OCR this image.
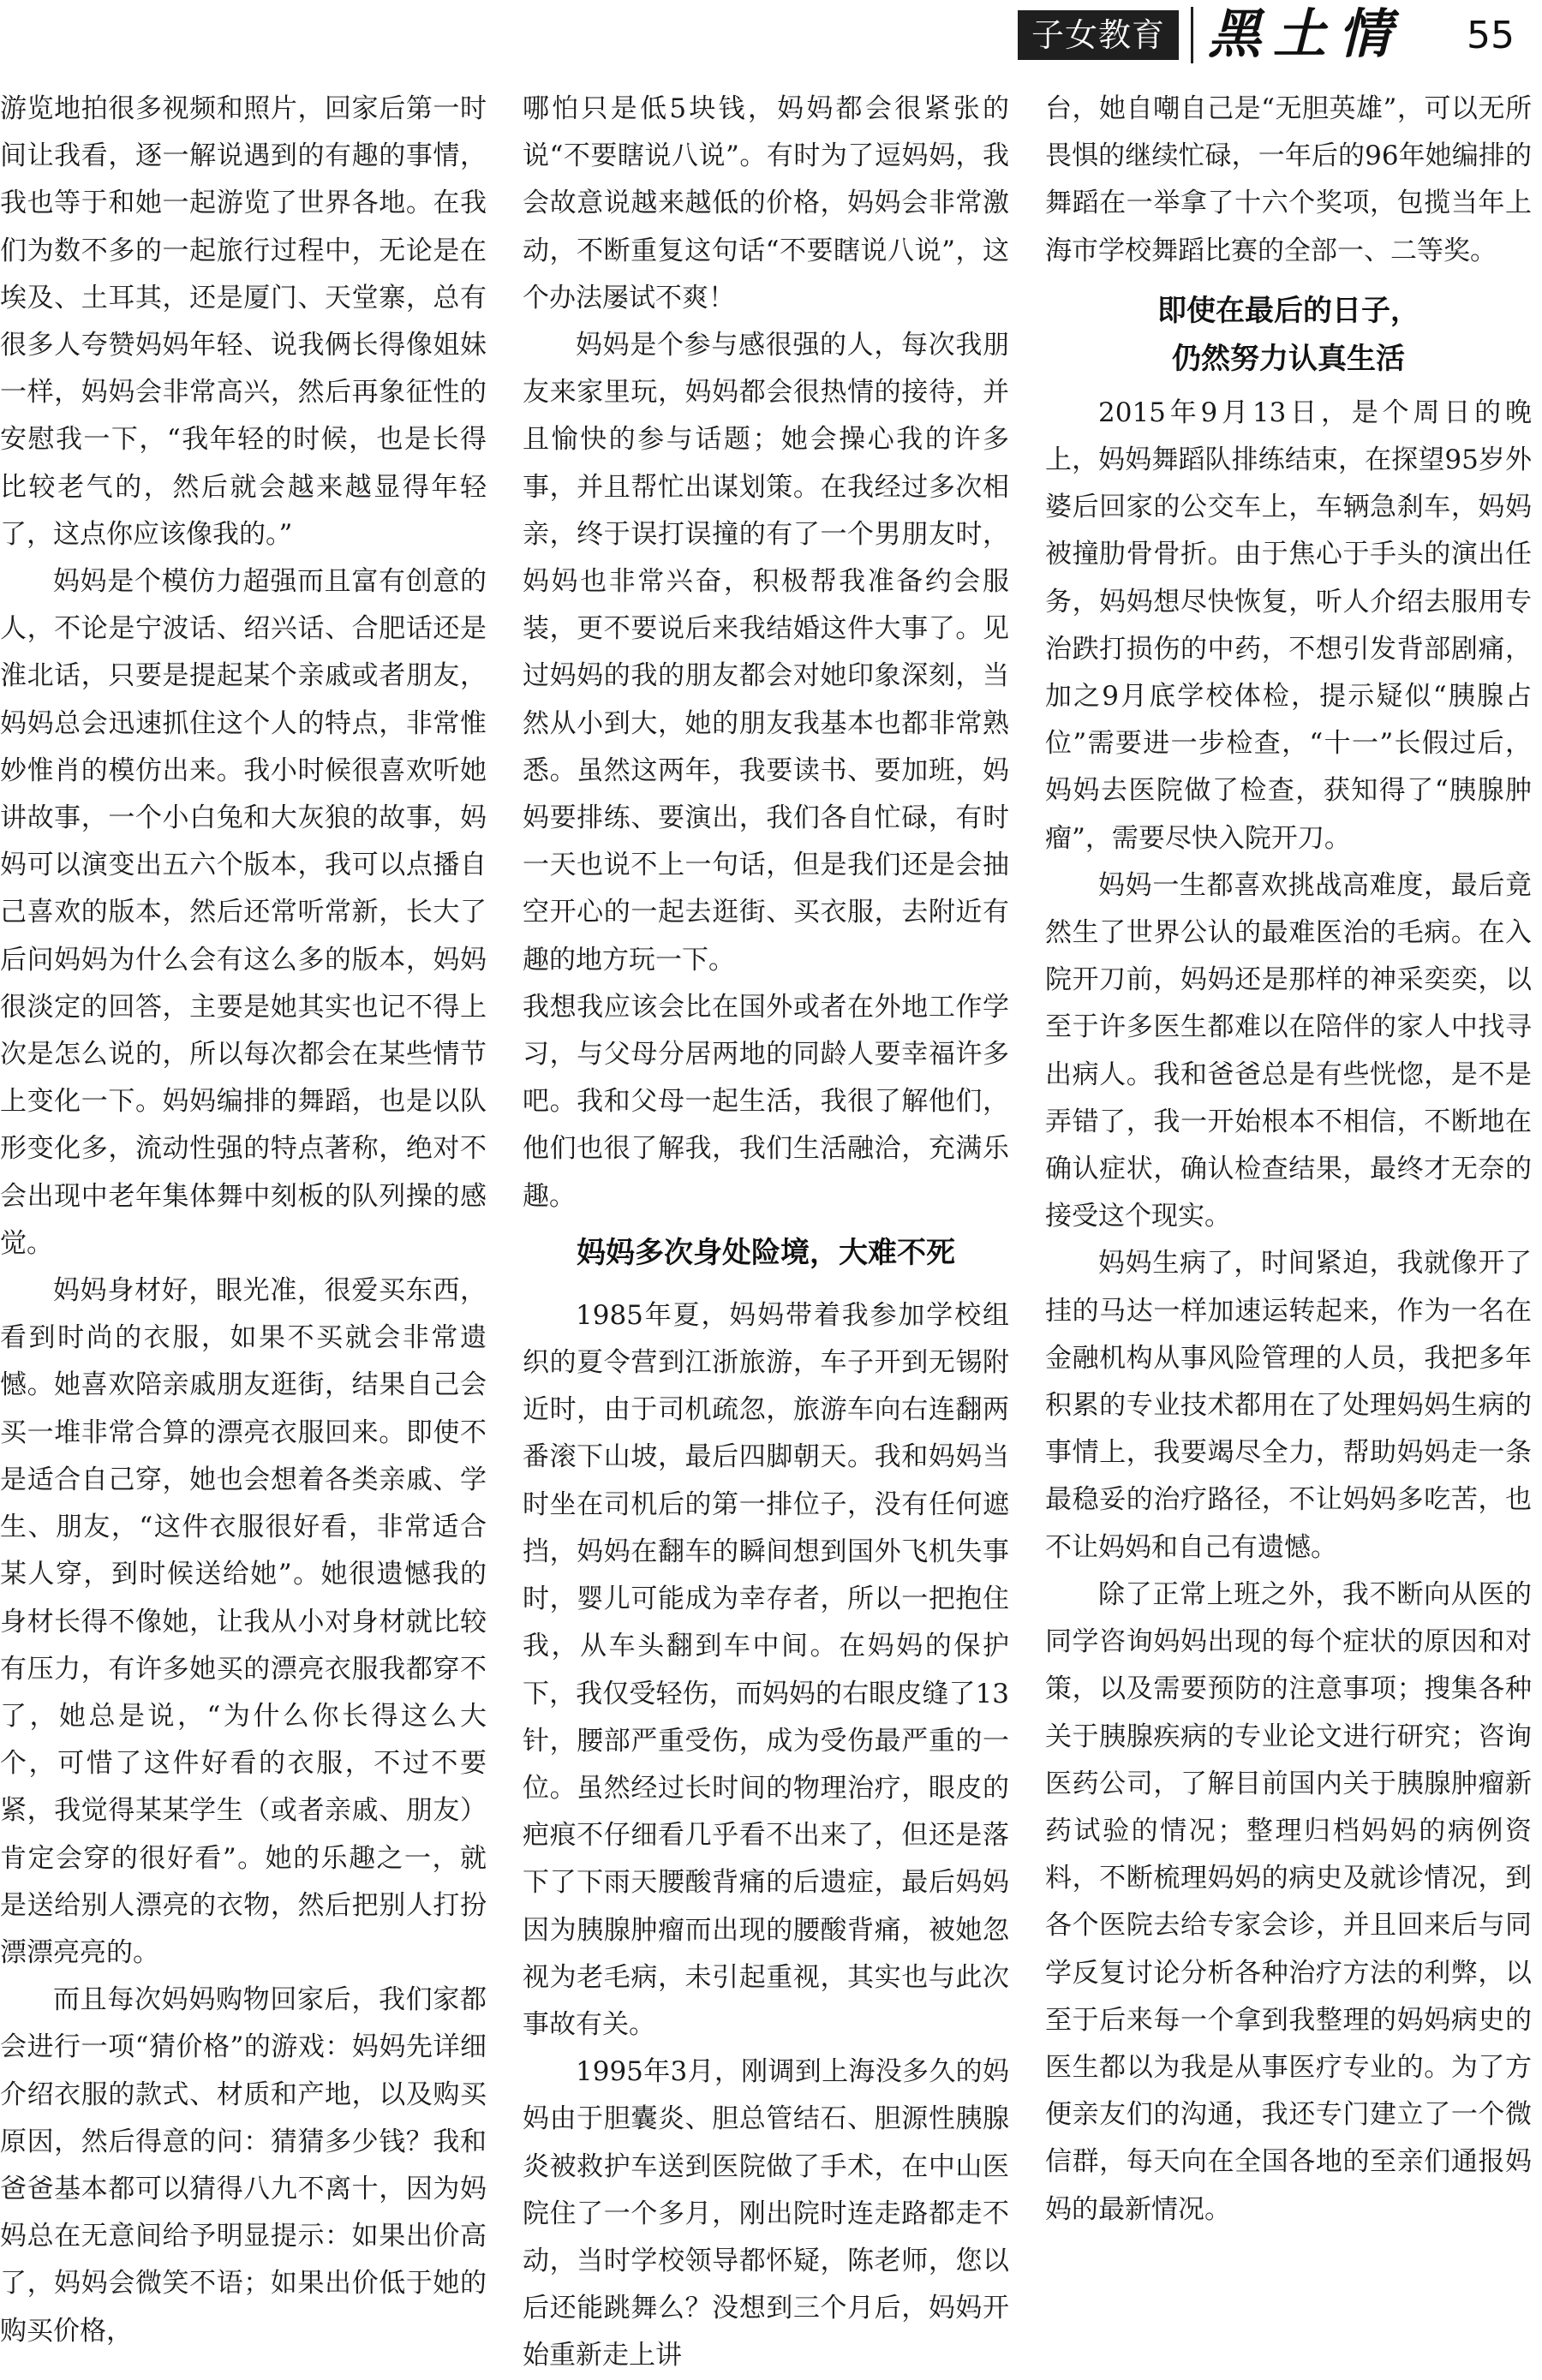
子女教育 黑土情	55

游览地拍很多视频和照片，回家后第一时间让我看，逐一解说遇到的有趣的事情，我也等于和她一起游览了世界各地。在我们为数不多的一起旅行过程中，无论是在埃及、土耳其，还是厦门、天堂寨，总有很多人夸赞妈妈年轻、说我俩长得像姐妹一样，妈妈会非常高兴，然后再象征性的安慰我一下，“我年轻的时候，也是长得比较老气的，然后就会越来越显得年轻了，这点你应该像我的。”

妈妈是个模仿力超强而且富有创意的人，不论是宁波话、绍兴话、合肥话还是淮北话，只要是提起某个亲戚或者朋友，妈妈总会迅速抓住这个人的特点，非常惟妙惟肖的模仿出来。我小时候很喜欢听她讲故事，一个小白兔和大灰狼的故事，妈妈可以演变出五六个版本，我可以点播自己喜欢的版本，然后还常听常新，长大了后问妈妈为什么会有这么多的版本，妈妈很淡定的回答，主要是她其实也记不得上次是怎么说的，所以每次都会在某些情节上变化一下。妈妈编排的舞蹈，也是以队形变化多，流动性强的特点著称，绝对不会出现中老年集体舞中刻板的队列操的感觉。

妈妈身材好，眼光准，很爱买东西，看到时尚的衣服，如果不买就会非常遗憾。她喜欢陪亲戚朋友逛街，结果自己会买一堆非常合算的漂亮衣服回来。即使不是适合自己穿，她也会想着各类亲戚、学生、朋友，“这件衣服很好看，非常适合某人穿，到时候送给她”。她很遗憾我的身材长得不像她，让我从小对身材就比较有压力，有许多她买的漂亮衣服我都穿不了，她总是说，“为什么你长得这么大个，可惜了这件好看的衣服，不过不要紧，我觉得某某学生（或者亲戚、朋友）肯定会穿的很好看”。她的乐趣之一，就是送给别人漂亮的衣物，然后把别人打扮漂漂亮亮的。

而且每次妈妈购物回家后，我们家都会进行一项“猜价格”的游戏：妈妈先详细介绍衣服的款式、材质和产地，以及购买原因，然后得意的问：猜猜多少钱？我和爸爸基本都可以猜得八九不离十，因为妈妈总在无意间给予明显提示：如果出价高了，妈妈会微笑不语；如果出价低于她的购买价格，

哪怕只是低5块钱，妈妈都会很紧张的说“不要瞎说八说”。有时为了逗妈妈，我会故意说越来越低的价格，妈妈会非常激动，不断重复这句话“不要瞎说八说”，这个办法屡试不爽！

妈妈是个参与感很强的人，每次我朋友来家里玩，妈妈都会很热情的接待，并且愉快的参与话题；她会操心我的许多事，并且帮忙出谋划策。在我经过多次相亲，终于误打误撞的有了一个男朋友时，妈妈也非常兴奋，积极帮我准备约会服装，更不要说后来我结婚这件大事了。见过妈妈的我的朋友都会对她印象深刻，当然从小到大，她的朋友我基本也都非常熟悉。虽然这两年，我要读书、要加班，妈妈要排练、要演出，我们各自忙碌，有时一天也说不上一句话，但是我们还是会抽空开心的一起去逛街、买衣服，去附近有趣的地方玩一下。

我想我应该会比在国外或者在外地工作学习，与父母分居两地的同龄人要幸福许多吧。我和父母一起生活，我很了解他们，他们也很了解我，我们生活融洽，充满乐趣。

妈妈多次身处险境，大难不死

1985年夏，妈妈带着我参加学校组织的夏令营到江浙旅游，车子开到无锡附近时，由于司机疏忽，旅游车向右连翻两番滚下山坡，最后四脚朝天。我和妈妈当时坐在司机后的第一排位子，没有任何遮挡，妈妈在翻车的瞬间想到国外飞机失事时，婴儿可能成为幸存者，所以一把抱住我，从车头翻到车中间。在妈妈的保护下，我仅受轻伤，而妈妈的右眼皮缝了13针，腰部严重受伤，成为受伤最严重的一位。虽然经过长时间的物理治疗，眼皮的疤痕不仔细看几乎看不出来了，但还是落下了下雨天腰酸背痛的后遗症，最后妈妈因为胰腺肿瘤而出现的腰酸背痛，被她忽视为老毛病，未引起重视，其实也与此次事故有关。

1995年3月，刚调到上海没多久的妈妈由于胆囊炎、胆总管结石、胆源性胰腺炎被救护车送到医院做了手术，在中山医院住了一个多月，刚出院时连走路都走不动，当时学校领导都怀疑，陈老师，您以后还能跳舞么？没想到三个月后，妈妈开始重新走上讲

台，她自嘲自己是“无胆英雄”，可以无所畏惧的继续忙碌，一年后的96年她编排的舞蹈在一举拿了十六个奖项，包揽当年上海市学校舞蹈比赛的全部一、二等奖。

即使在最后的日子，
仍然努力认真生活

2015年9月13日，是个周日的晚上，妈妈舞蹈队排练结束，在探望95岁外婆后回家的公交车上，车辆急刹车，妈妈被撞肋骨骨折。由于焦心于手头的演出任务，妈妈想尽快恢复，听人介绍去服用专治跌打损伤的中药，不想引发背部剧痛，加之9月底学校体检，提示疑似“胰腺占位”需要进一步检查，“十一”长假过后，妈妈去医院做了检查，获知得了“胰腺肿瘤”，需要尽快入院开刀。

妈妈一生都喜欢挑战高难度，最后竟然生了世界公认的最难医治的毛病。在入院开刀前，妈妈还是那样的神采奕奕，以至于许多医生都难以在陪伴的家人中找寻出病人。我和爸爸总是有些恍惚，是不是弄错了，我一开始根本不相信，不断地在确认症状，确认检查结果，最终才无奈的接受这个现实。

妈妈生病了，时间紧迫，我就像开了挂的马达一样加速运转起来，作为一名在金融机构从事风险管理的人员，我把多年积累的专业技术都用在了处理妈妈生病的事情上，我要竭尽全力，帮助妈妈走一条最稳妥的治疗路径，不让妈妈多吃苦，也不让妈妈和自己有遗憾。

除了正常上班之外，我不断向从医的同学咨询妈妈出现的每个症状的原因和对策，以及需要预防的注意事项；搜集各种关于胰腺疾病的专业论文进行研究；咨询医药公司，了解目前国内关于胰腺肿瘤新药试验的情况；整理归档妈妈的病例资料，不断梳理妈妈的病史及就诊情况，到各个医院去给专家会诊，并且回来后与同学反复讨论分析各种治疗方法的利弊，以至于后来每一个拿到我整理的妈妈病史的医生都以为我是从事医疗专业的。为了方便亲友们的沟通，我还专门建立了一个微信群，每天向在全国各地的至亲们通报妈妈的最新情况。
